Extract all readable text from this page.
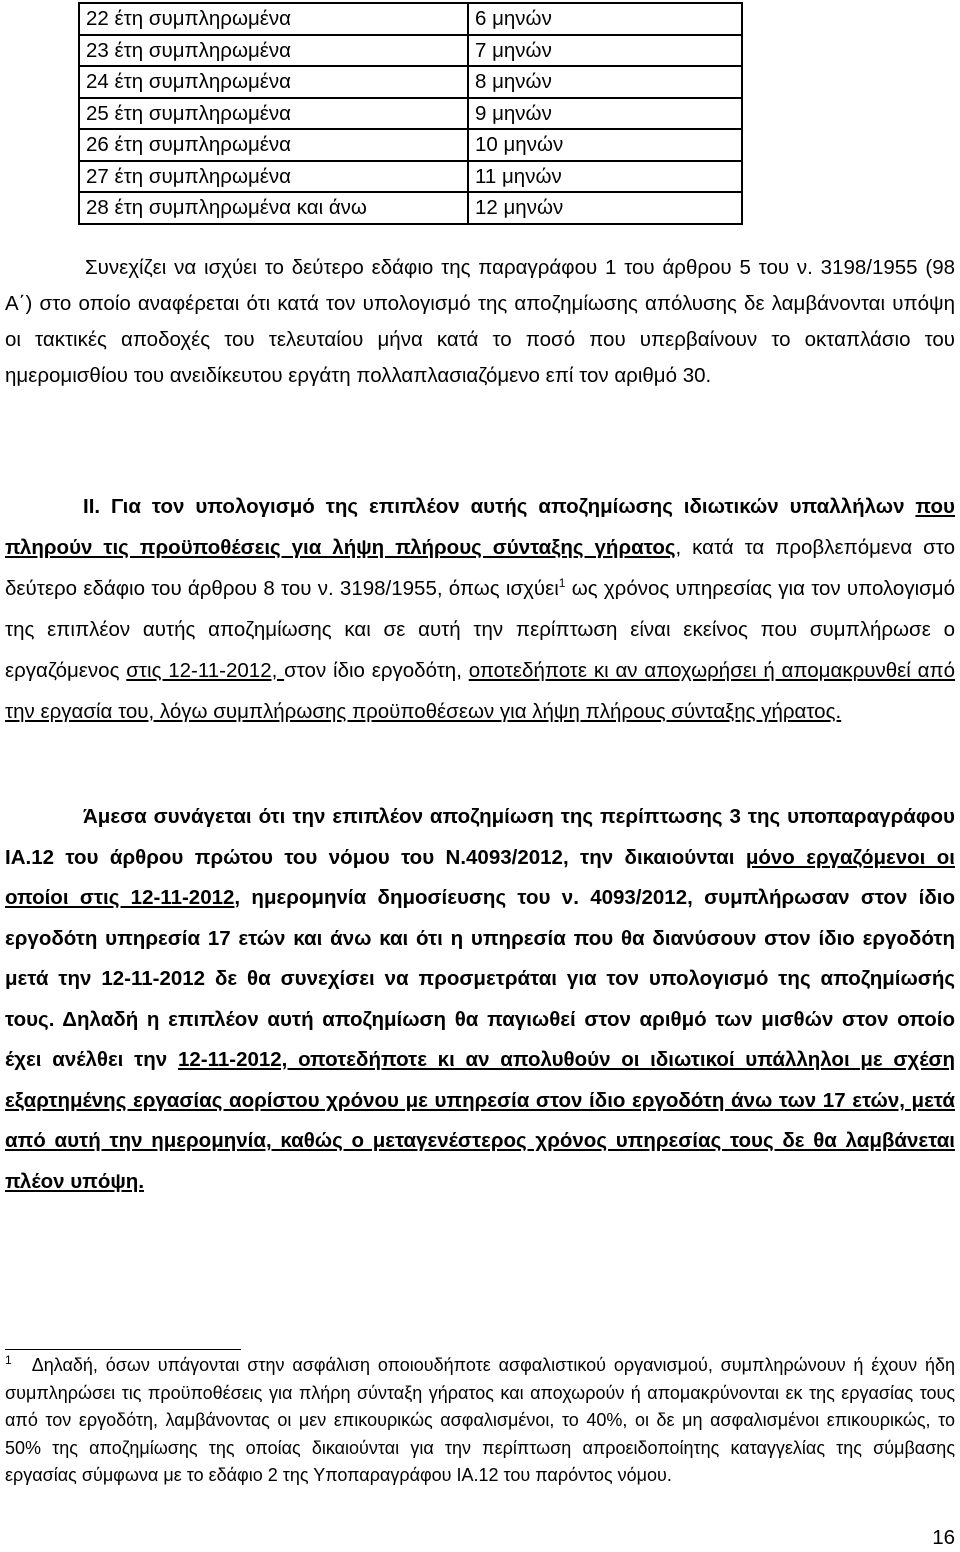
22 έτη συμπληρωμένα	6 μηνών
23 έτη συμπληρωμένα	7 μηνών
24 έτη συμπληρωμένα	8 μηνών
25 έτη συμπληρωμένα	9 μηνών
26 έτη συμπληρωμένα	10 μηνών
27 έτη συμπληρωμένα	11 μηνών
28 έτη συμπληρωμένα και άνω	12 μηνών

Συνεχίζει να ισχύει το δεύτερο εδάφιο της παραγράφου 1 του άρθρου 5 του ν. 3198/1955 (98 Α΄) στο οποίο αναφέρεται ότι κατά τον υπολογισμό της αποζημίωσης απόλυσης δε λαμβάνονται υπόψη οι τακτικές αποδοχές του τελευταίου μήνα κατά το ποσό που υπερβαίνουν το οκταπλάσιο του ημερομισθίου του ανειδίκευτου εργάτη πολλαπλασιαζόμενο επί τον αριθμό 30.

ΙΙ. Για τον υπολογισμό της επιπλέον αυτής αποζημίωσης ιδιωτικών υπαλλήλων που πληρούν τις προϋποθέσεις για λήψη πλήρους σύνταξης γήρατος, κατά τα προβλεπόμενα στο δεύτερο εδάφιο του άρθρου 8 του ν. 3198/1955, όπως ισχύει$^1$ ως χρόνος υπηρεσίας για τον υπολογισμό της επιπλέον αυτής αποζημίωσης και σε αυτή την περίπτωση είναι εκείνος που συμπλήρωσε ο εργαζόμενος στις 12-11-2012, στον ίδιο εργοδότη, οποτεδήποτε κι αν αποχωρήσει ή απομακρυνθεί από την εργασία του, λόγω συμπλήρωσης προϋποθέσεων για λήψη πλήρους σύνταξης γήρατος.

Άμεσα συνάγεται ότι την επιπλέον αποζημίωση της περίπτωσης 3 της υποπαραγράφου ΙΑ.12 του άρθρου πρώτου του νόμου του Ν.4093/2012, την δικαιούνται μόνο εργαζόμενοι οι οποίοι στις 12-11-2012, ημερομηνία δημοσίευσης του ν. 4093/2012, συμπλήρωσαν στον ίδιο εργοδότη υπηρεσία 17 ετών και άνω και ότι η υπηρεσία που θα διανύσουν στον ίδιο εργοδότη μετά την 12-11-2012 δε θα συνεχίσει να προσμετράται για τον υπολογισμό της αποζημίωσής τους. Δηλαδή η επιπλέον αυτή αποζημίωση θα παγιωθεί στον αριθμό των μισθών στον οποίο έχει ανέλθει την 12-11-2012, οποτεδήποτε κι αν απολυθούν οι ιδιωτικοί υπάλληλοι με σχέση εξαρτημένης εργασίας αορίστου χρόνου με υπηρεσία στον ίδιο εργοδότη άνω των 17 ετών, μετά από αυτή την ημερομηνία, καθώς ο μεταγενέστερος χρόνος υπηρεσίας τους δε θα λαμβάνεται πλέον υπόψη.

$^1$ Δηλαδή, όσων υπάγονται στην ασφάλιση οποιουδήποτε ασφαλιστικού οργανισμού, συμπληρώνουν ή έχουν ήδη συμπληρώσει τις προϋποθέσεις για πλήρη σύνταξη γήρατος και αποχωρούν ή απομακρύνονται εκ της εργασίας τους από τον εργοδότη, λαμβάνοντας οι μεν επικουρικώς ασφαλισμένοι, το 40%, οι δε μη ασφαλισμένοι επικουρικώς, το 50% της αποζημίωσης της οποίας δικαιούνται για την περίπτωση απροειδοποίητης καταγγελίας της σύμβασης εργασίας σύμφωνα με το εδάφιο 2 της Υποπαραγράφου ΙΑ.12 του παρόντος νόμου.

16
